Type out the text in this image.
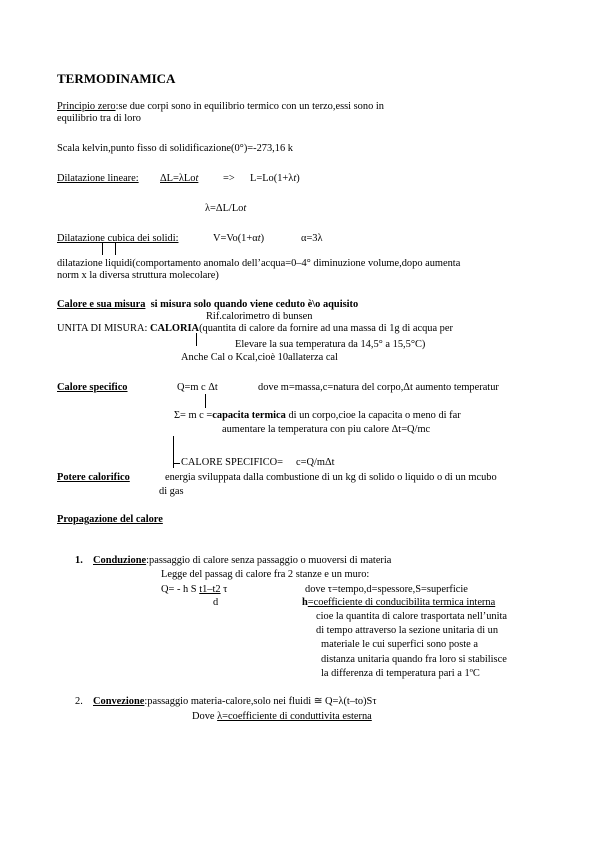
TERMODINAMICA
Principio zero:se due corpi sono in equilibrio termico con un terzo,essi sono in
equilibrio tra di loro
Scala kelvin,punto fisso di solidificazione(0°)=-273,16 k
Dilatazione lineare: ΔL=λLot => L=Lo(1+λt)
λ=ΔL/Lot
Dilatazione cubica dei solidi:	V=Vo(1+αt)	α=3λ
dilatazione liquidi(comportamento anomalo dell’acqua=0–4° diminuzione volume,dopo aumenta
norm x la diversa struttura molecolare)
Calore e sua misura si misura solo quando viene ceduto è\o aquisito
Rif.calorimetro di bunsen
UNITA DI MISURA: CALORIA(quantita di calore da fornire ad una massa di 1g di acqua per
Elevare la sua temperatura da 14,5° a 15,5°C)
Anche Cal o Kcal,cioè 10allaterza cal
Calore specifico	Q=m c Δt	dove m=massa,c=natura del corpo,Δt aumento temperatur
Σ= m c =capacita termica di un corpo,cioe la capacita o meno di far
aumentare la temperatura con piu calore Δt=Q/mc
CALORE SPECIFICO= c=Q/mΔt
Potere calorifico	energia sviluppata dalla combustione di un kg di solido o liquido o di un mcubo
di gas
Propagazione del calore
1. Conduzione:passaggio di calore senza passaggio o muoversi di materia
Legge del passag di calore fra 2 stanze e un muro:
Q= - h S t1–t2 τ
d
dove τ=tempo,d=spessore,S=superficie
h=coefficiente di conducibilita termica interna
cioe la quantita di calore trasportata nell’unita
di tempo attraverso la sezione unitaria di un
materiale le cui superfici sono poste a
distanza unitaria quando fra loro si stabilisce
la differenza di temperatura pari a 1ºC
2. Convezione:passaggio materia-calore,solo nei fluidi ≅ Q=λ(t–to)Sτ
Dove λ=coefficiente di conduttivita esterna
